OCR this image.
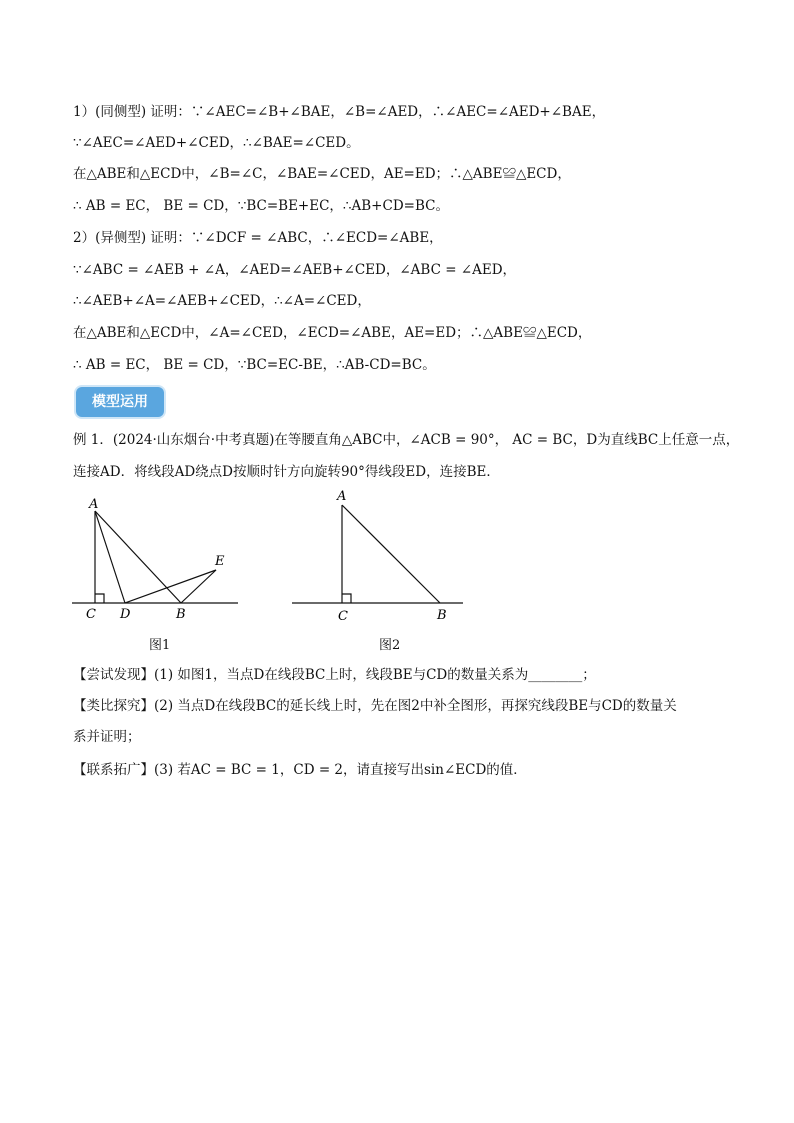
1）(同侧型) 证明：∵∠AEC=∠B+∠BAE，∠B=∠AED，∴∠AEC=∠AED+∠BAE，
∵∠AEC=∠AED+∠CED，∴∠BAE=∠CED。
在△ABE和△ECD中，∠B=∠C，∠BAE=∠CED，AE=ED；∴△ABE≌△ECD，
∴ AB = EC， BE = CD，∵BC=BE+EC，∴AB+CD=BC。
2）(异侧型) 证明：∵∠DCF = ∠ABC，∴∠ECD=∠ABE，
∵∠ABC = ∠AEB + ∠A，∠AED=∠AEB+∠CED，∠ABC = ∠AED，
∴∠AEB+∠A=∠AEB+∠CED，∴∠A=∠CED，
在△ABE和△ECD中，∠A=∠CED，∠ECD=∠ABE，AE=ED；∴△ABE≌△ECD，
∴ AB = EC， BE = CD，∵BC=EC-BE，∴AB-CD=BC。
模型运用
例 1．(2024·山东烟台·中考真题)在等腰直角△ABC中，∠ACB = 90°， AC = BC，D为直线BC上任意一点，
连接AD．将线段AD绕点D按顺时针方向旋转90°得线段ED，连接BE．
A
C D	B
E
图1
A
C	B
图2
【尝试发现】(1) 如图1，当点D在线段BC上时，线段BE与CD的数量关系为________；
【类比探究】(2) 当点D在线段BC的延长线上时，先在图2中补全图形，再探究线段BE与CD的数量关
系并证明；
【联系拓广】(3) 若AC = BC = 1，CD = 2，请直接写出sin∠ECD的值．
